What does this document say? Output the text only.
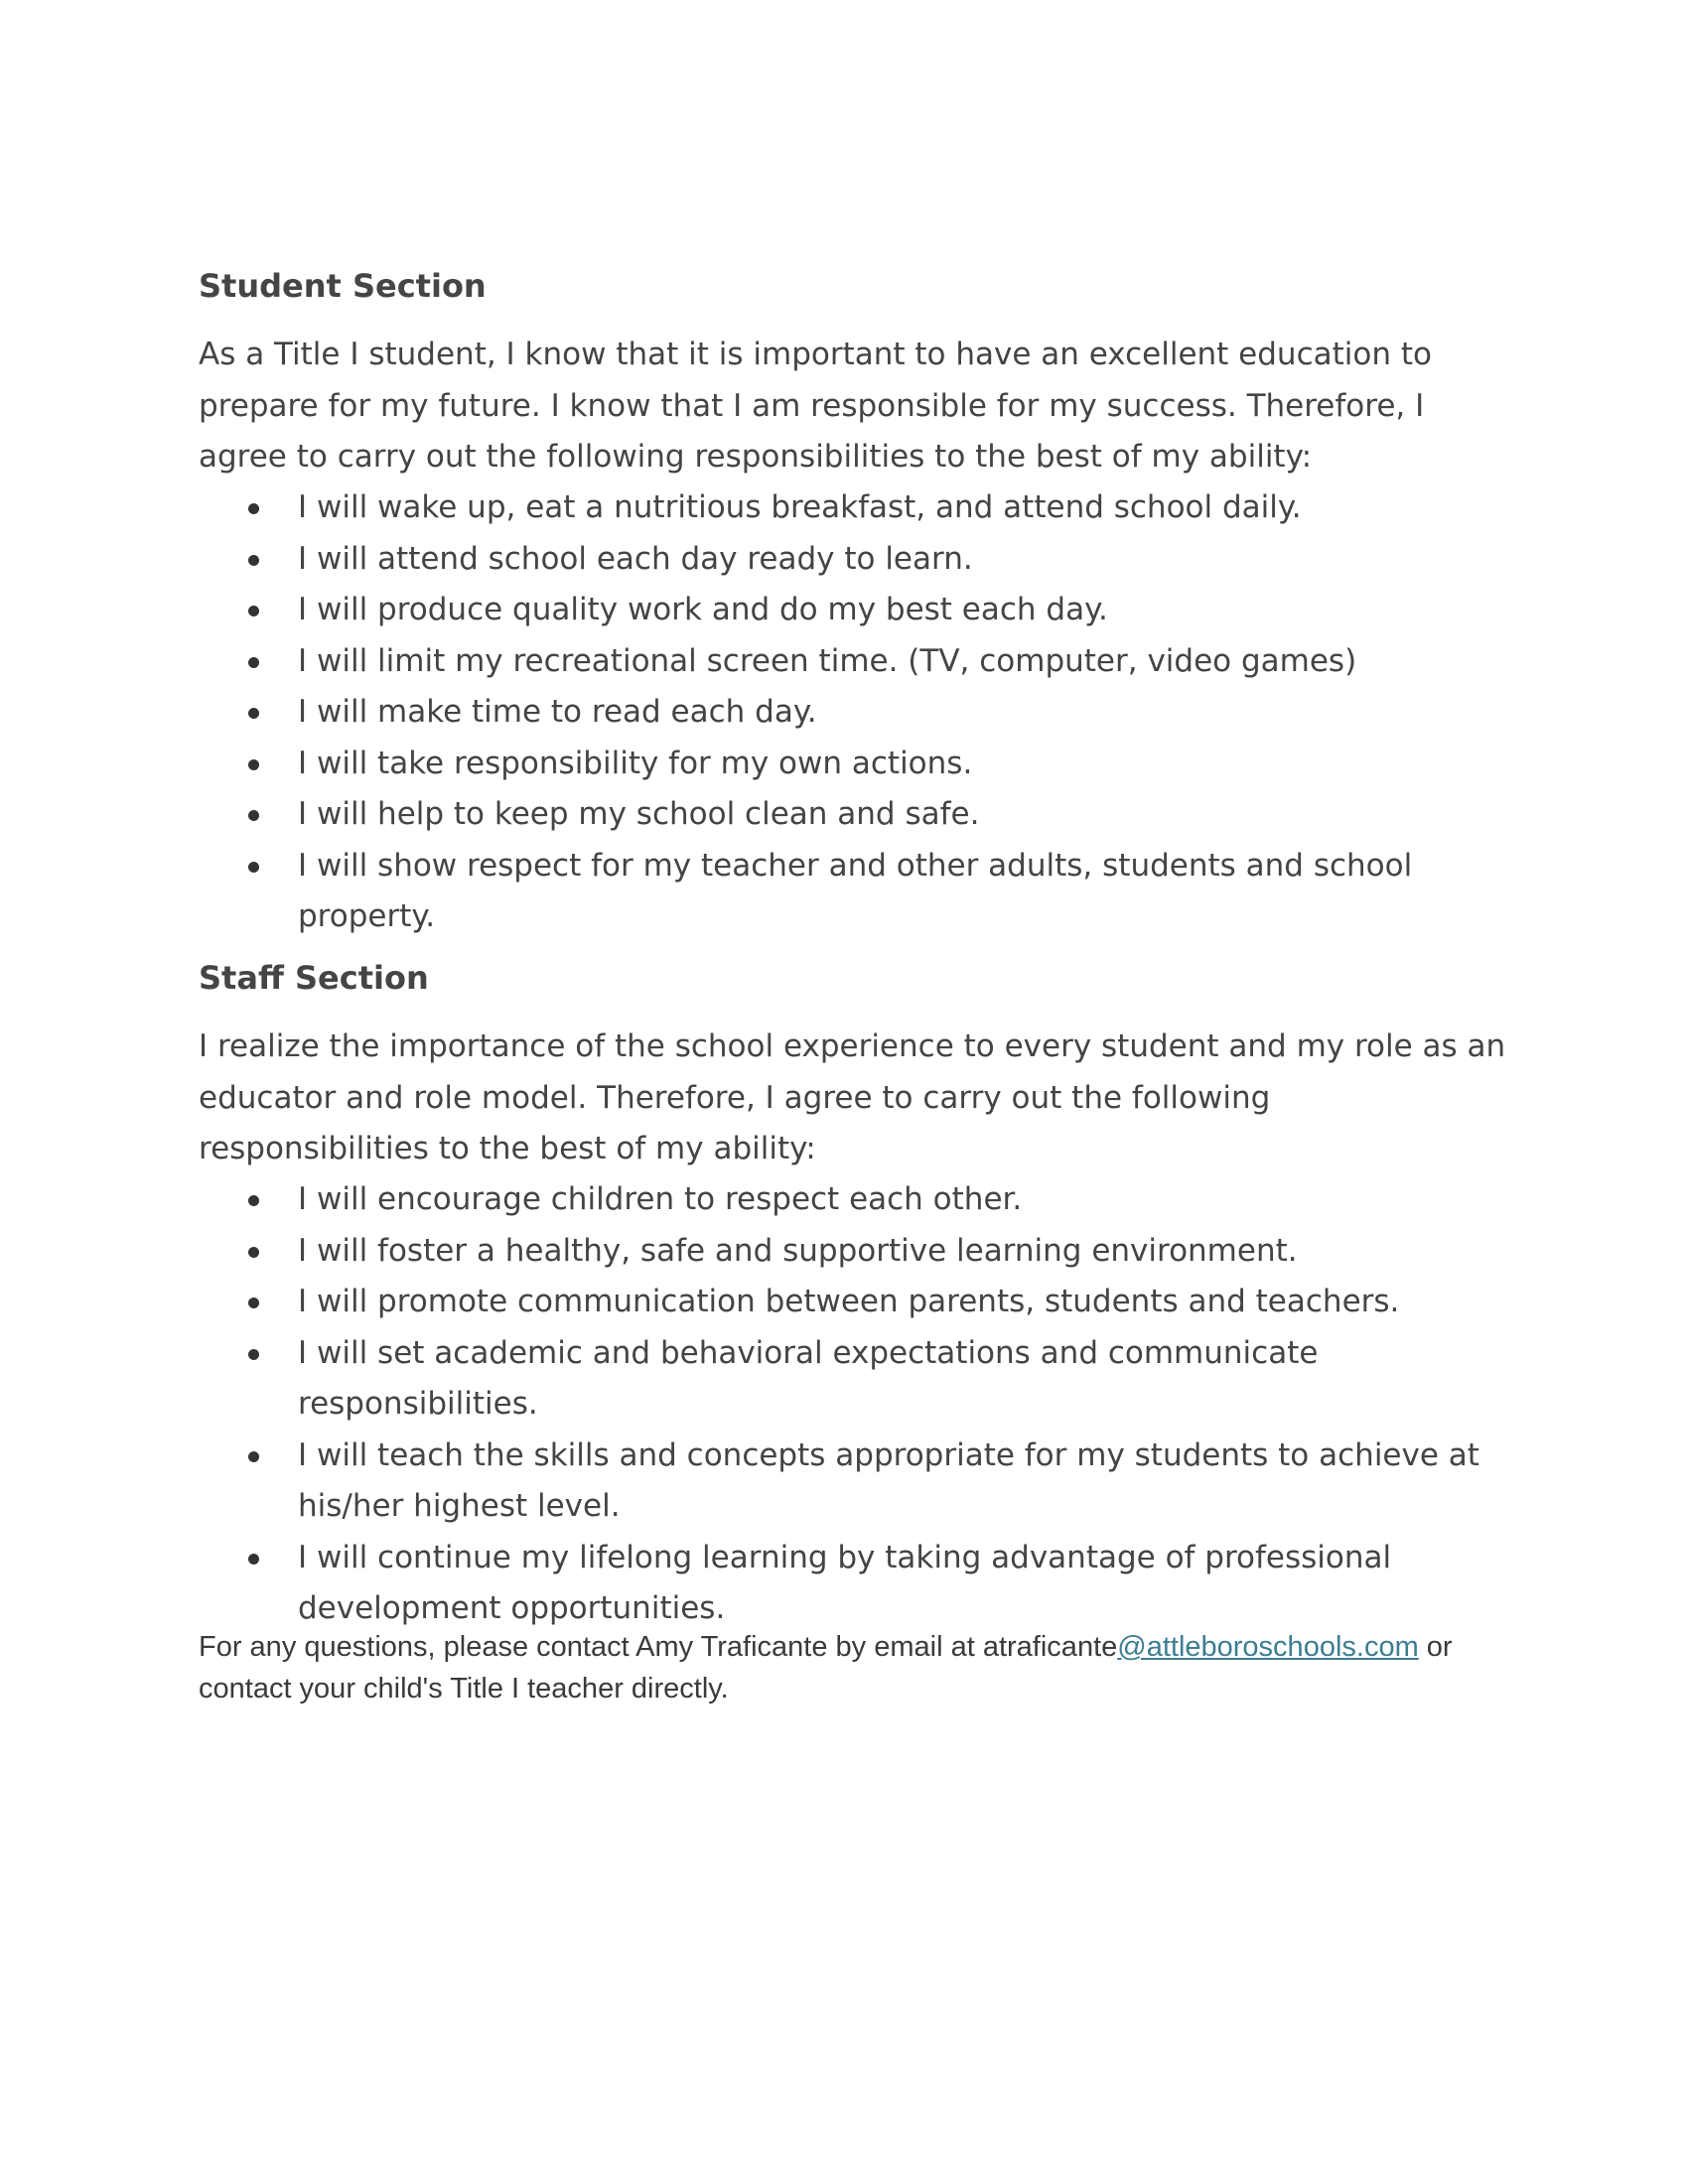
Student Section

As a Title I student, I know that it is important to have an excellent education to prepare for my future. I know that I am responsible for my success. Therefore, I agree to carry out the following responsibilities to the best of my ability:

I will wake up, eat a nutritious breakfast, and attend school daily.
I will attend school each day ready to learn.
I will produce quality work and do my best each day.
I will limit my recreational screen time. (TV, computer, video games)
I will make time to read each day.
I will take responsibility for my own actions.
I will help to keep my school clean and safe.
I will show respect for my teacher and other adults, students and school property.
Staff Section

I realize the importance of the school experience to every student and my role as an educator and role model. Therefore, I agree to carry out the following responsibilities to the best of my ability:

I will encourage children to respect each other.
I will foster a healthy, safe and supportive learning environment.
I will promote communication between parents, students and teachers.
I will set academic and behavioral expectations and communicate responsibilities.
I will teach the skills and concepts appropriate for my students to achieve at his/her highest level.
I will continue my lifelong learning by taking advantage of professional development opportunities.

For any questions, please contact Amy Traficante by email at atraficante@attleboroschools.com or contact your child's Title I teacher directly.
